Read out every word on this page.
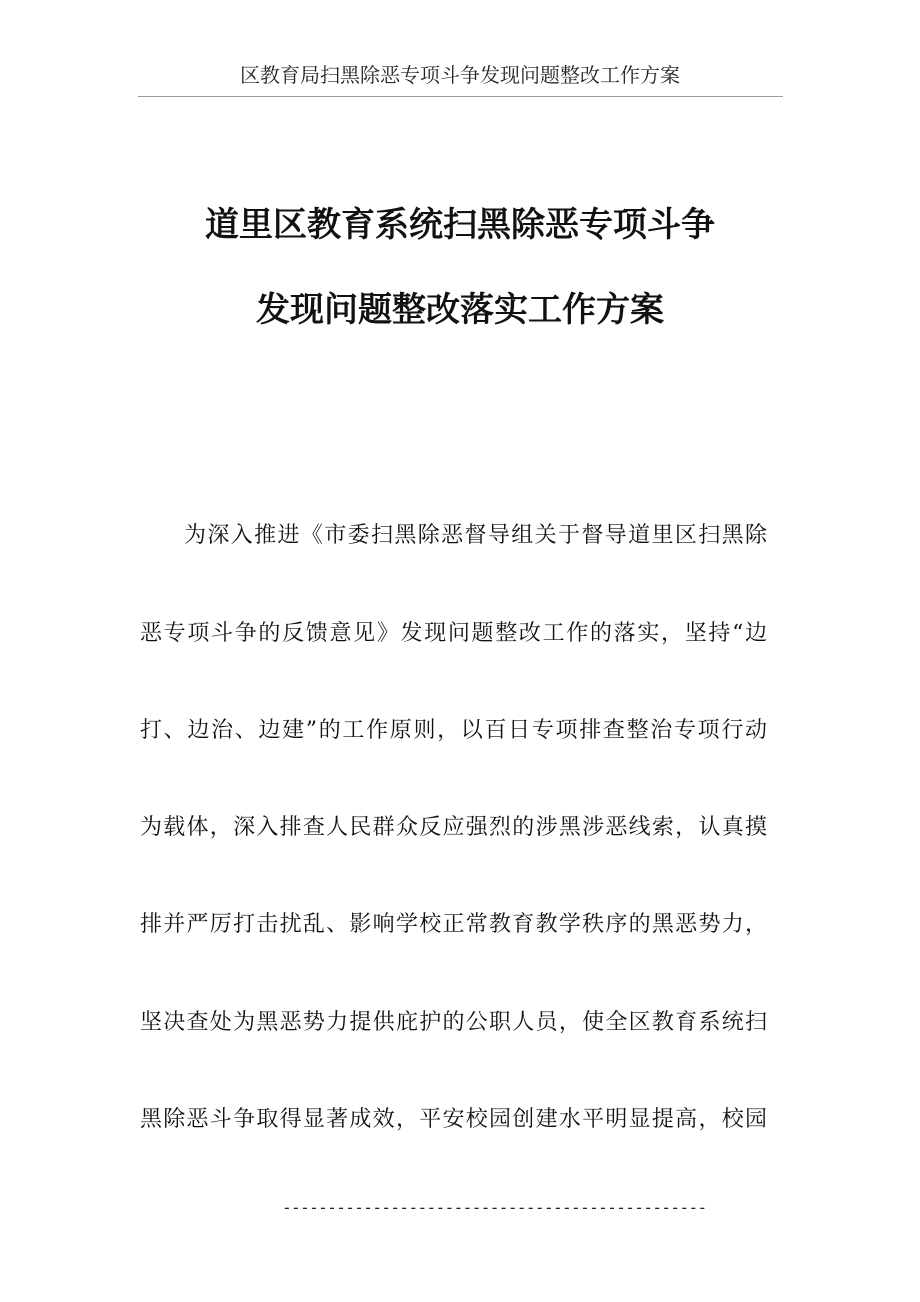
区教育局扫黑除恶专项斗争发现问题整改工作方案
道里区教育系统扫黑除恶专项斗争
发现问题整改落实工作方案
为深入推进《市委扫黑除恶督导组关于督导道里区扫黑除
恶专项斗争的反馈意见》发现问题整改工作的落实，坚持“边
打、边治、边建”的工作原则，以百日专项排查整治专项行动
为载体，深入排查人民群众反应强烈的涉黑涉恶线索，认真摸
排并严厉打击扰乱、影响学校正常教育教学秩序的黑恶势力，
坚决查处为黑恶势力提供庇护的公职人员，使全区教育系统扫
黑除恶斗争取得显著成效，平安校园创建水平明显提高，校园
-----------------------------------------------
